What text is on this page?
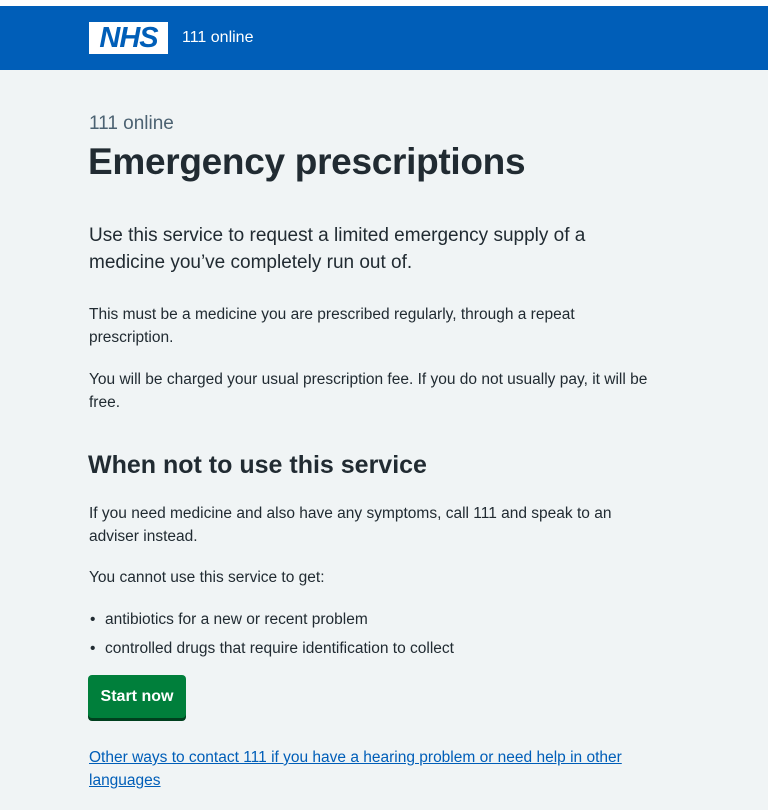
NHS 111 online
111 online
Emergency prescriptions

Use this service to request a limited emergency supply of a medicine you’ve completely run out of.

This must be a medicine you are prescribed regularly, through a repeat prescription.

You will be charged your usual prescription fee. If you do not usually pay, it will be free.

When not to use this service

If you need medicine and also have any symptoms, call 111 and speak to an adviser instead.

You cannot use this service to get:

• antibiotics for a new or recent problem
• controlled drugs that require identification to collect
Start now
Other ways to contact 111 if you have a hearing problem or need help in other languages
